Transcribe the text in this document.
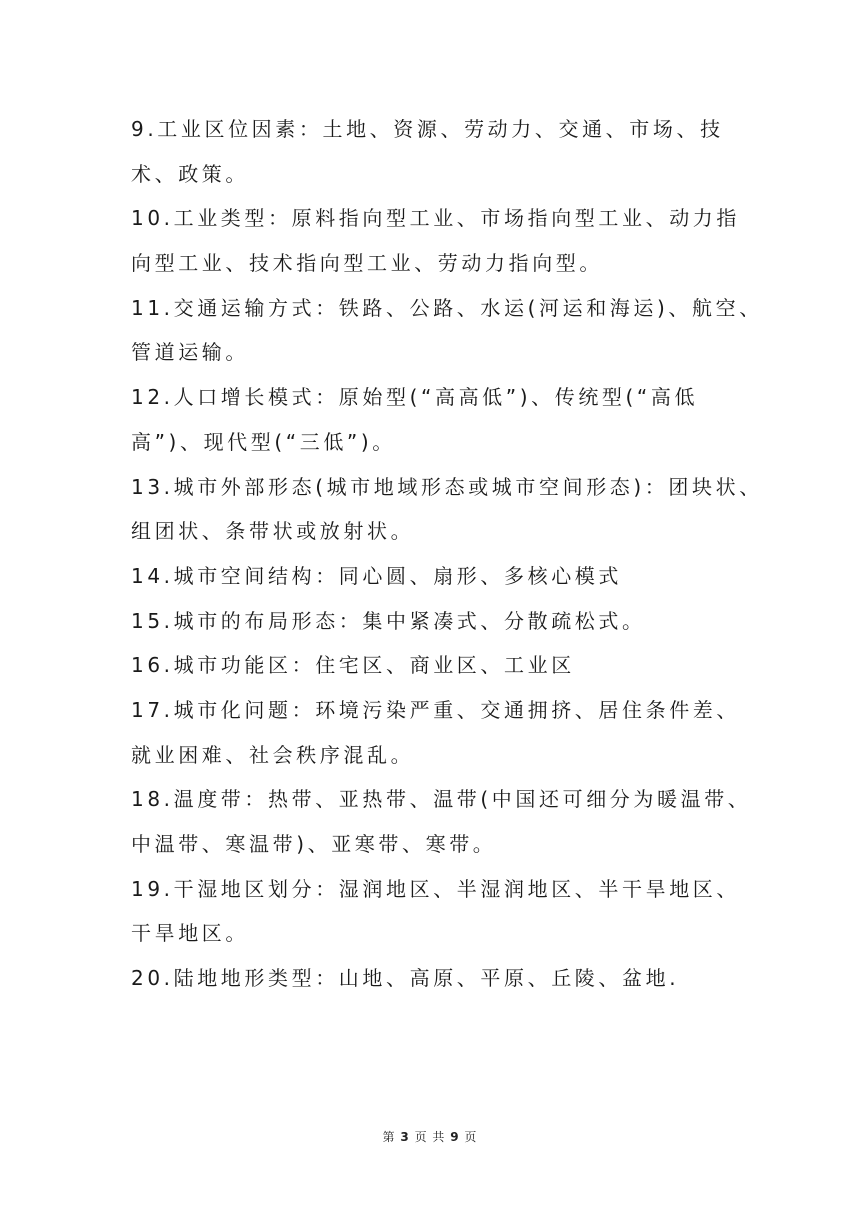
9.工业区位因素：土地、资源、劳动力、交通、市场、技
术、政策。
10.工业类型：原料指向型工业、市场指向型工业、动力指
向型工业、技术指向型工业、劳动力指向型。
11.交通运输方式：铁路、公路、水运(河运和海运)、航空、
管道运输。
12.人口增长模式：原始型(“高高低”)、传统型(“高低
高”)、现代型(“三低”)。
13.城市外部形态(城市地域形态或城市空间形态)：团块状、
组团状、条带状或放射状。
14.城市空间结构：同心圆、扇形、多核心模式
15.城市的布局形态：集中紧凑式、分散疏松式。
16.城市功能区：住宅区、商业区、工业区
17.城市化问题：环境污染严重、交通拥挤、居住条件差、
就业困难、社会秩序混乱。
18.温度带：热带、亚热带、温带(中国还可细分为暖温带、
中温带、寒温带)、亚寒带、寒带。
19.干湿地区划分：湿润地区、半湿润地区、半干旱地区、
干旱地区。
20.陆地地形类型：山地、高原、平原、丘陵、盆地.
第 3 页 共 9 页
